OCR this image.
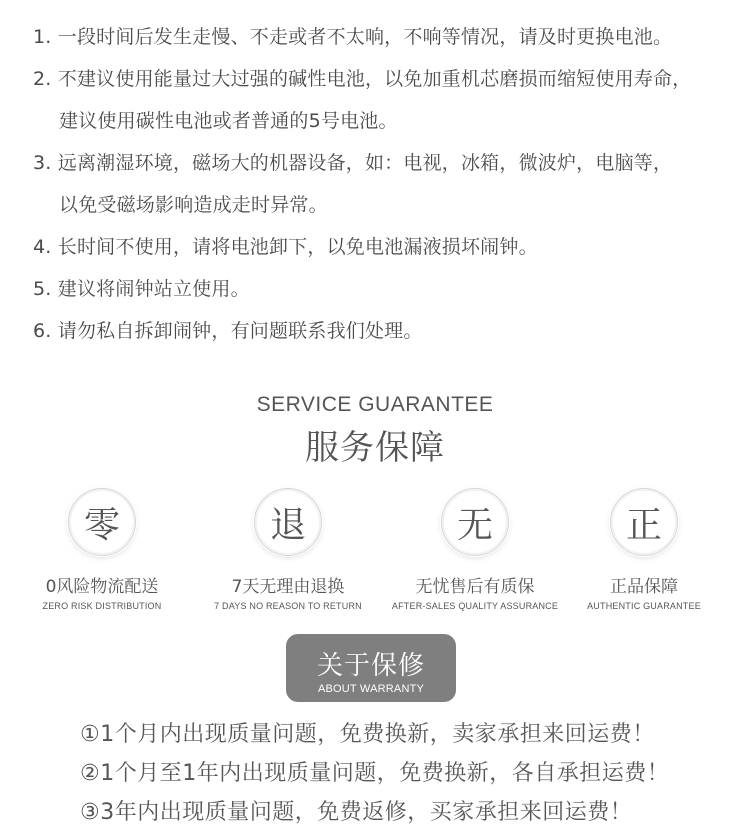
1. 一段时间后发生走慢、不走或者不太响，不响等情况，请及时更换电池。
2. 不建议使用能量过大过强的碱性电池，以免加重机芯磨损而缩短使用寿命，
建议使用碳性电池或者普通的5号电池。
3. 远离潮湿环境，磁场大的机器设备，如：电视，冰箱，微波炉，电脑等，
以免受磁场影响造成走时异常。
4. 长时间不使用，请将电池卸下，以免电池漏液损坏闹钟。
5. 建议将闹钟站立使用。
6. 请勿私自拆卸闹钟，有问题联系我们处理。
SERVICE GUARANTEE
服务保障
零
0风险物流配送
ZERO RISK DISTRIBUTION
退
7天无理由退换
7 DAYS NO REASON TO RETURN
无
无忧售后有质保
AFTER-SALES QUALITY ASSURANCE
正
正品保障
AUTHENTIC GUARANTEE
关于保修
ABOUT WARRANTY
①1个月内出现质量问题，免费换新，卖家承担来回运费！
②1个月至1年内出现质量问题，免费换新，各自承担运费！
③3年内出现质量问题，免费返修，买家承担来回运费！
